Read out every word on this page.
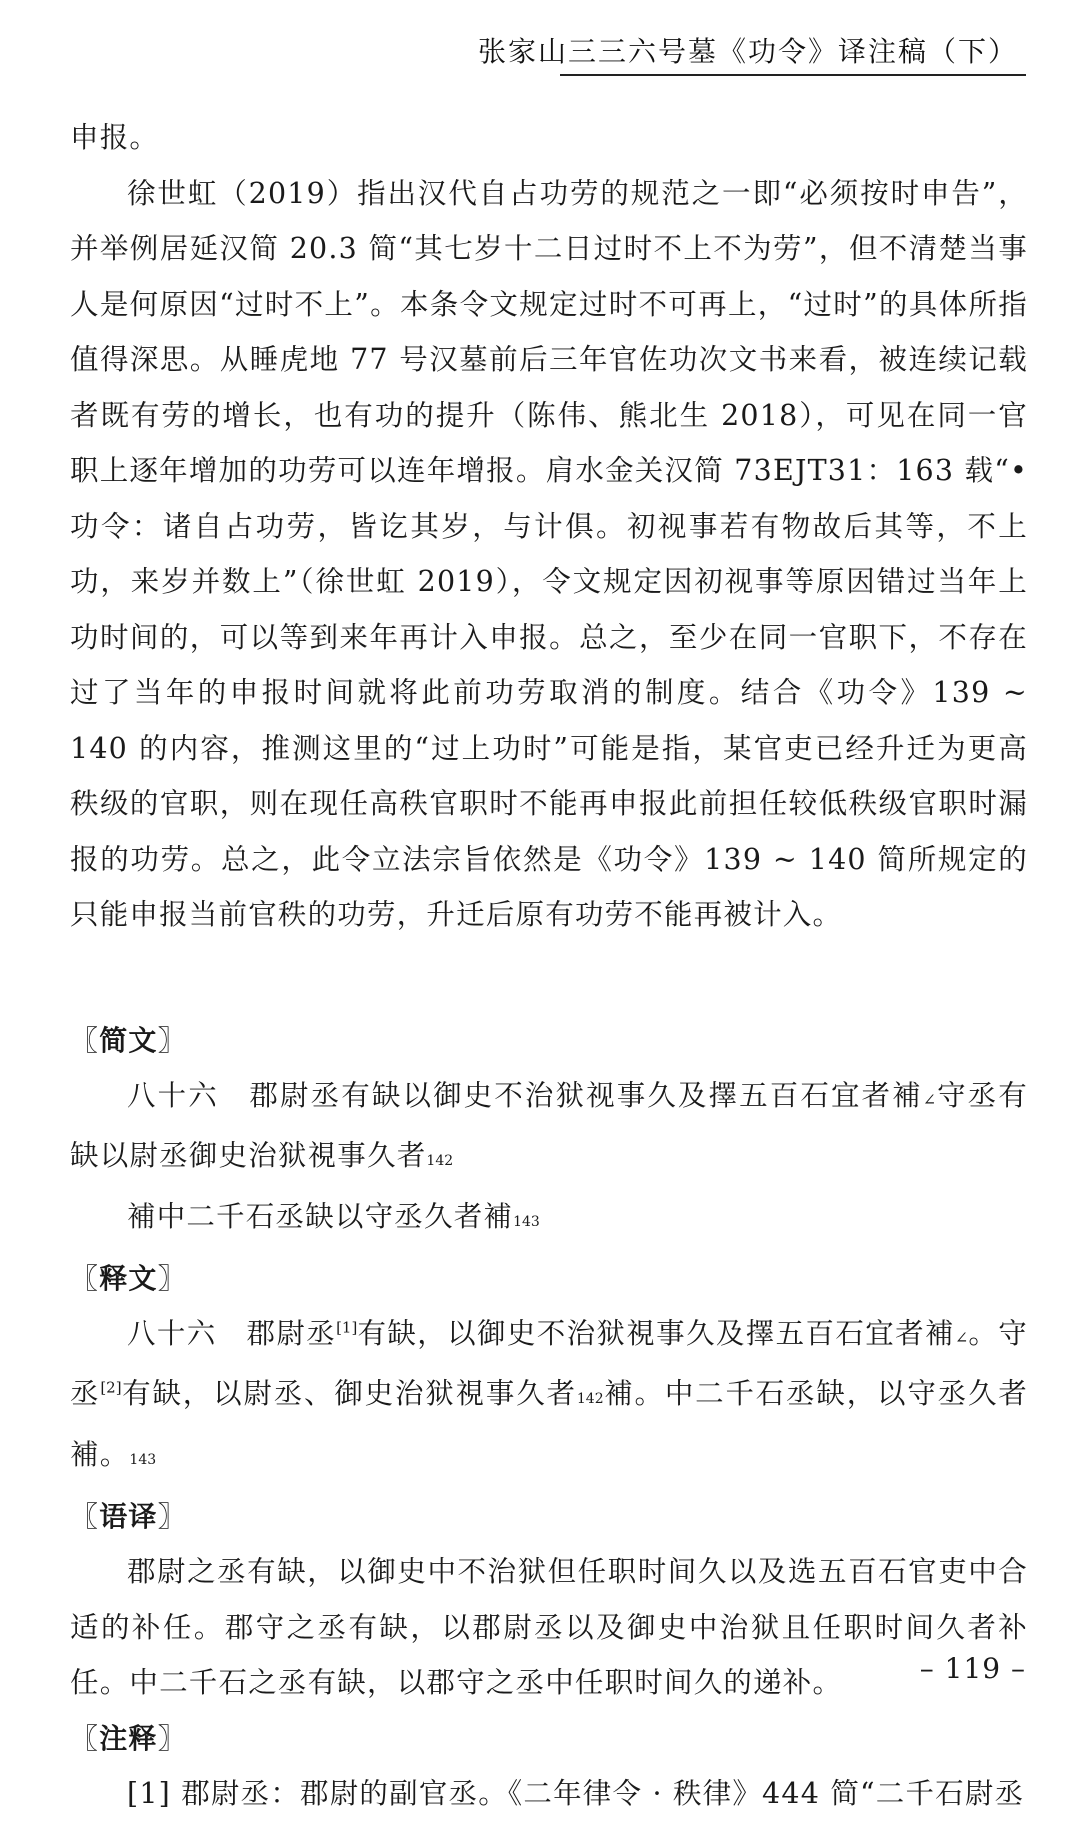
张家山三三六号墓《功令》译注稿（下）

申报。

徐世虹（2019）指出汉代自占功劳的规范之一即“必须按时申告”，并举例居延汉简 20.3 简“其七岁十二日过时不上不为劳”，但不清楚当事人是何原因“过时不上”。本条令文规定过时不可再上，“过时”的具体所指值得深思。从睡虎地 77 号汉墓前后三年官佐功次文书来看，被连续记载者既有劳的增长，也有功的提升（陈伟、熊北生 2018），可见在同一官职上逐年增加的功劳可以连年增报。肩水金关汉简 73EJT31：163 载“• 功令：诸自占功劳，皆讫其岁，与计俱。初视事若有物故后其等，不上功，来岁并数上”（徐世虹 2019），令文规定因初视事等原因错过当年上功时间的，可以等到来年再计入申报。总之，至少在同一官职下，不存在过了当年的申报时间就将此前功劳取消的制度。结合《功令》139 ~ 140 的内容，推测这里的“过上功时”可能是指，某官吏已经升迁为更高秩级的官职，则在现任高秩官职时不能再申报此前担任较低秩级官职时漏报的功劳。总之，此令立法宗旨依然是《功令》139 ~ 140 简所规定的只能申报当前官秩的功劳，升迁后原有功劳不能再被计入。

〖简文〗

八十六　郡尉丞有缺以御史不治狱视事久及擇五百石宜者補∠守丞有缺以尉丞御史治狱視事久者142

補中二千石丞缺以守丞久者補143

〖释文〗

八十六　郡尉丞[1]有缺，以御史不治狱視事久及擇五百石宜者補∠。守丞[2]有缺，以尉丞、御史治狱視事久者142補。中二千石丞缺，以守丞久者補。143

〖语译〗

郡尉之丞有缺，以御史中不治狱但任职时间久以及选五百石官吏中合适的补任。郡守之丞有缺，以郡尉丞以及御史中治狱且任职时间久者补任。中二千石之丞有缺，以郡守之丞中任职时间久的递补。

〖注释〗

[1] 郡尉丞：郡尉的副官丞。《二年律令 · 秩律》444 简“二千石尉丞

– 119 –
